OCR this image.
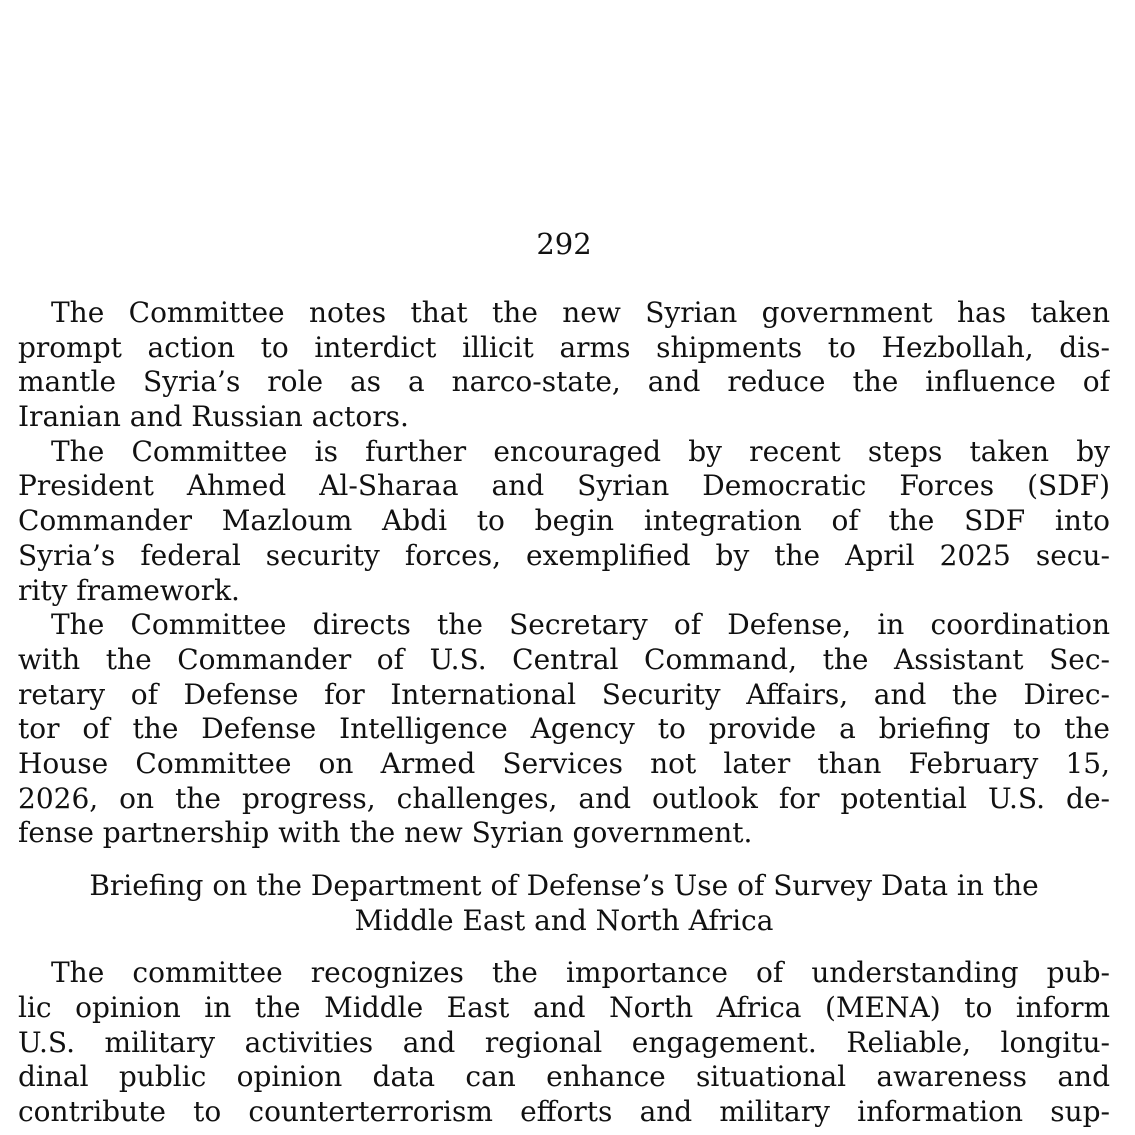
292

The Committee notes that the new Syrian government has taken
prompt action to interdict illicit arms shipments to Hezbollah, dis-
mantle Syria’s role as a narco-state, and reduce the influence of
Iranian and Russian actors.
The Committee is further encouraged by recent steps taken by
President Ahmed Al-Sharaa and Syrian Democratic Forces (SDF)
Commander Mazloum Abdi to begin integration of the SDF into
Syria’s federal security forces, exemplified by the April 2025 secu-
rity framework.
The Committee directs the Secretary of Defense, in coordination
with the Commander of U.S. Central Command, the Assistant Sec-
retary of Defense for International Security Affairs, and the Direc-
tor of the Defense Intelligence Agency to provide a briefing to the
House Committee on Armed Services not later than February 15,
2026, on the progress, challenges, and outlook for potential U.S. de-
fense partnership with the new Syrian government.
Briefing on the Department of Defense’s Use of Survey Data in the
Middle East and North Africa
The committee recognizes the importance of understanding pub-
lic opinion in the Middle East and North Africa (MENA) to inform
U.S. military activities and regional engagement. Reliable, longitu-
dinal public opinion data can enhance situational awareness and
contribute to counterterrorism efforts and military information sup-
